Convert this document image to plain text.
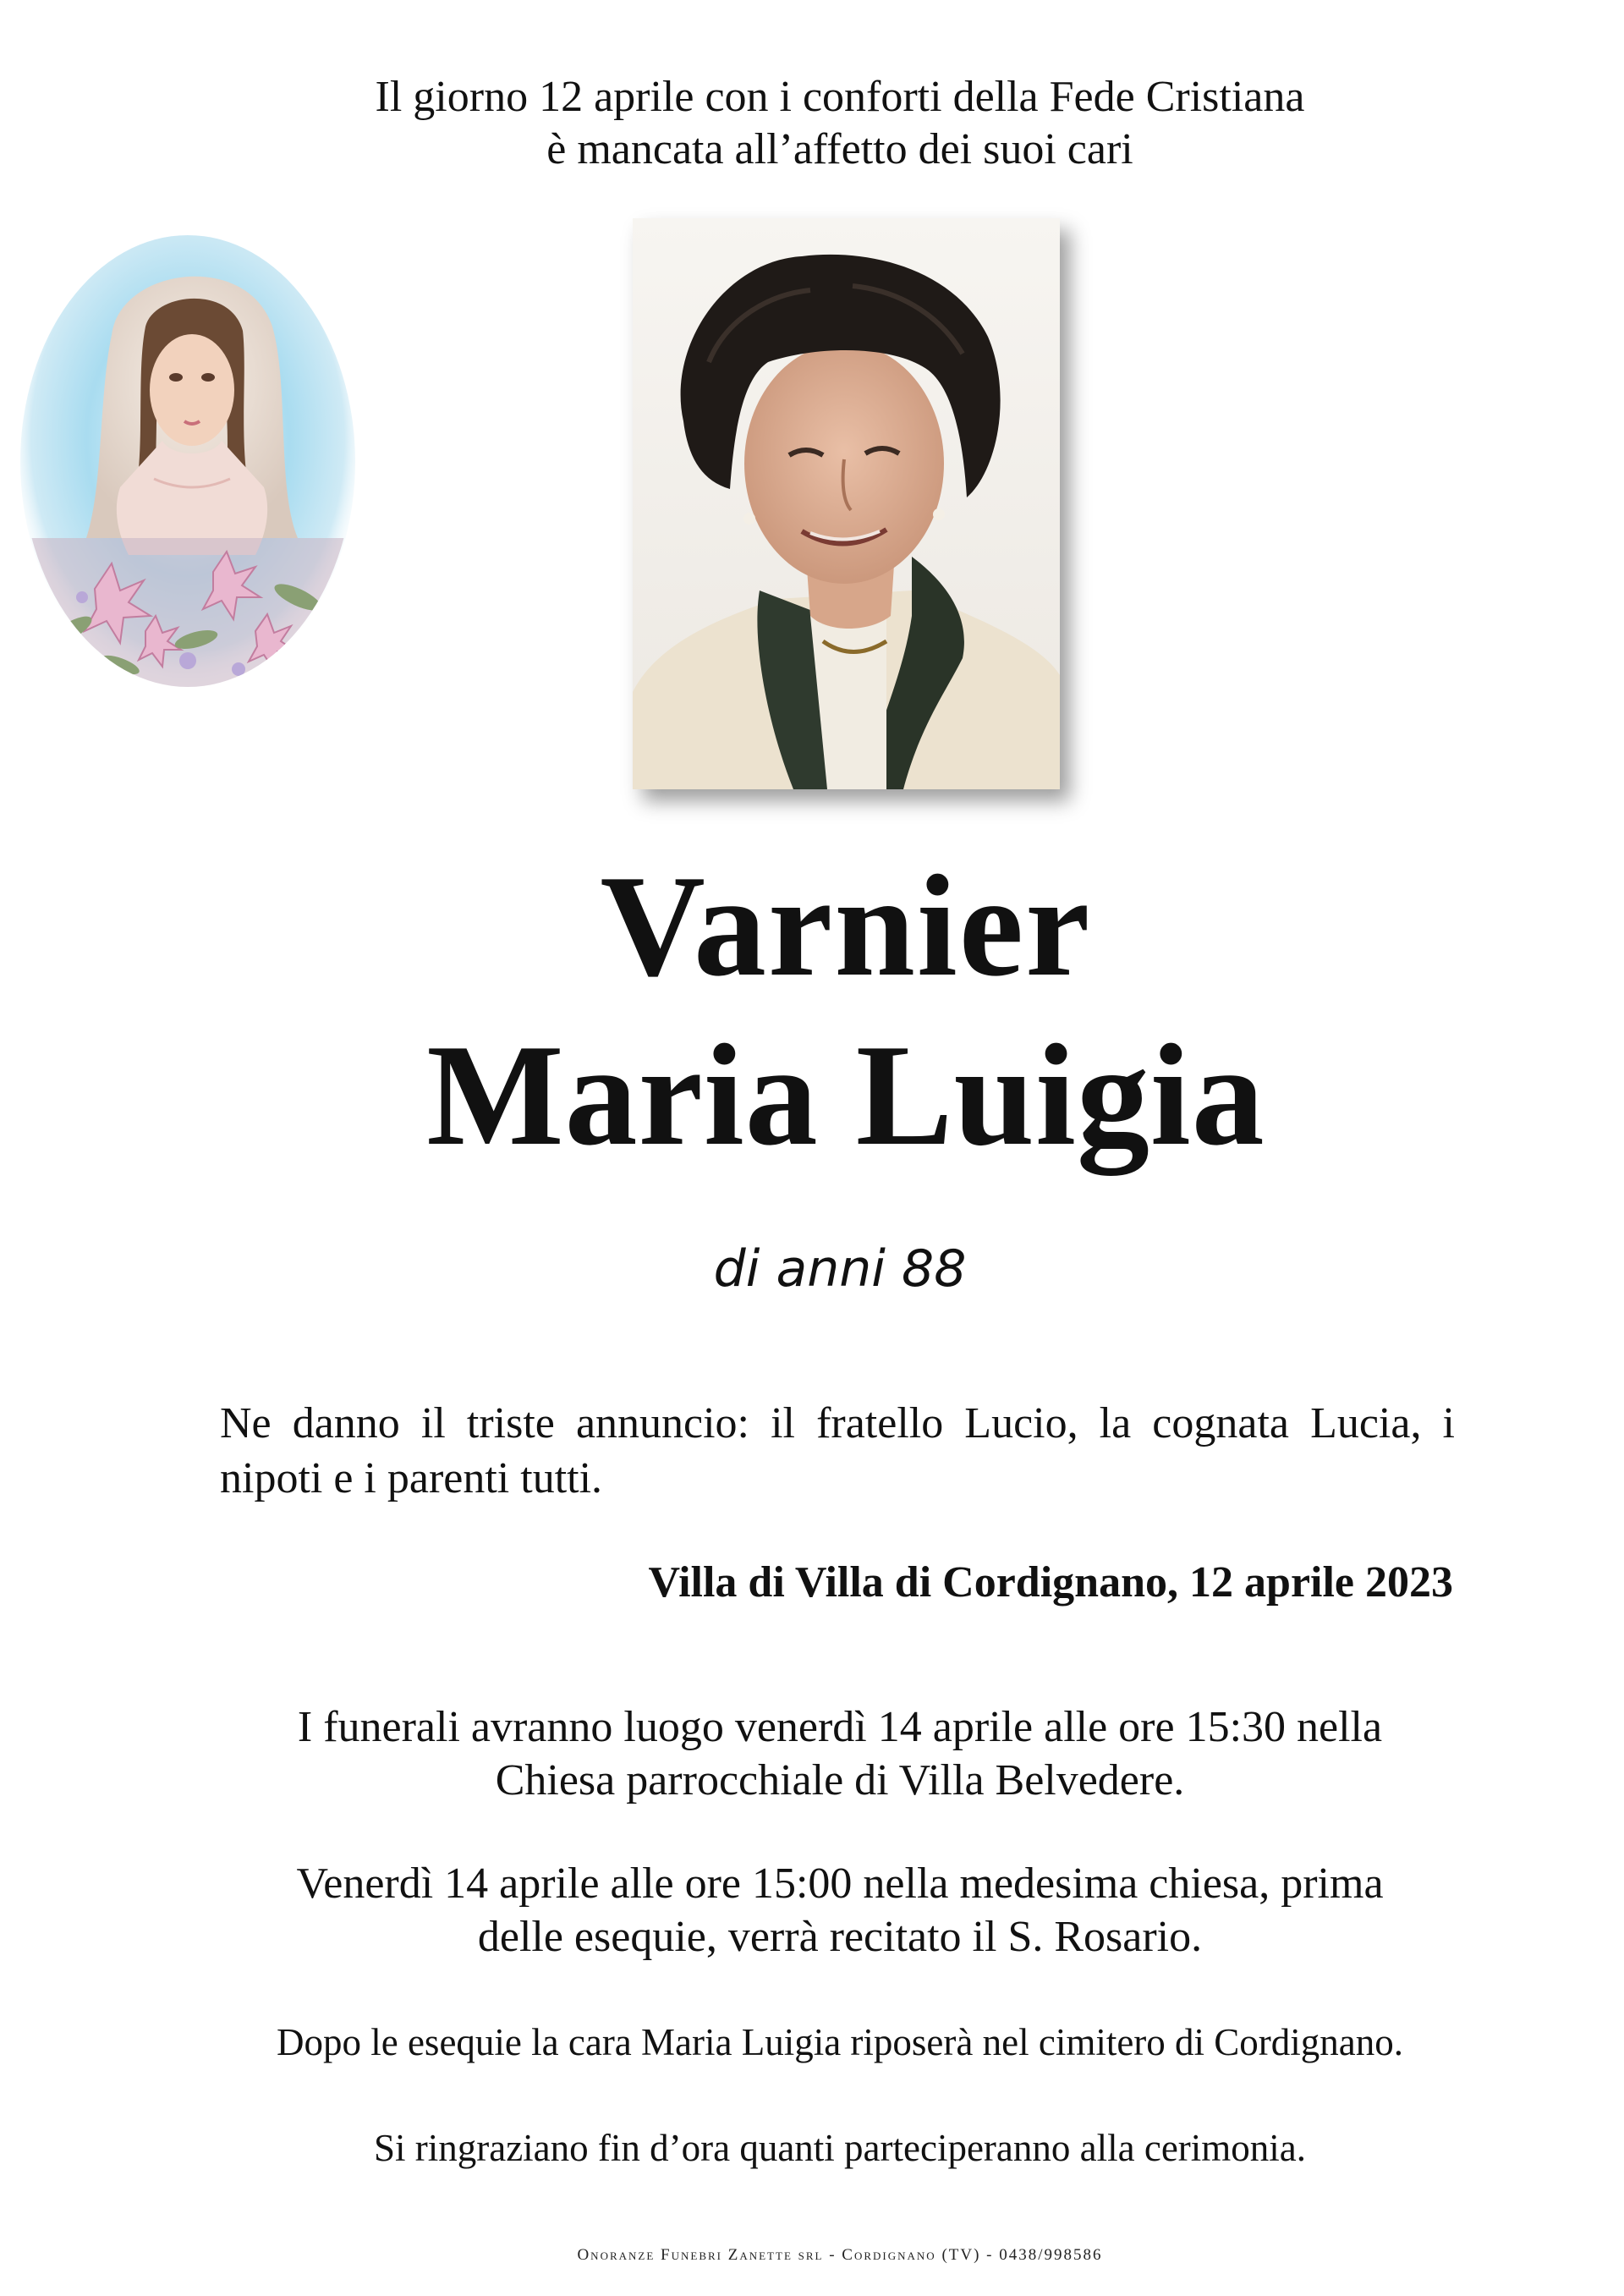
Il giorno 12 aprile con i conforti della Fede Cristiana
è mancata all’affetto dei suoi cari
Varnier
Maria Luigia
di anni 88
Ne danno il triste annuncio: il fratello Lucio, la cognata Lucia, i nipoti e i parenti tutti.
Villa di Villa di Cordignano, 12 aprile 2023
I funerali avranno luogo venerdì 14 aprile alle ore 15:30 nella
Chiesa parrocchiale di Villa Belvedere.
Venerdì 14 aprile alle ore 15:00 nella medesima chiesa, prima
delle esequie, verrà recitato il S. Rosario.
Dopo le esequie la cara Maria Luigia riposerà nel cimitero di Cordignano.
Si ringraziano fin d’ora quanti parteciperanno alla cerimonia.
Onoranze Funebri Zanette srl - Cordignano (TV) - 0438/998586
